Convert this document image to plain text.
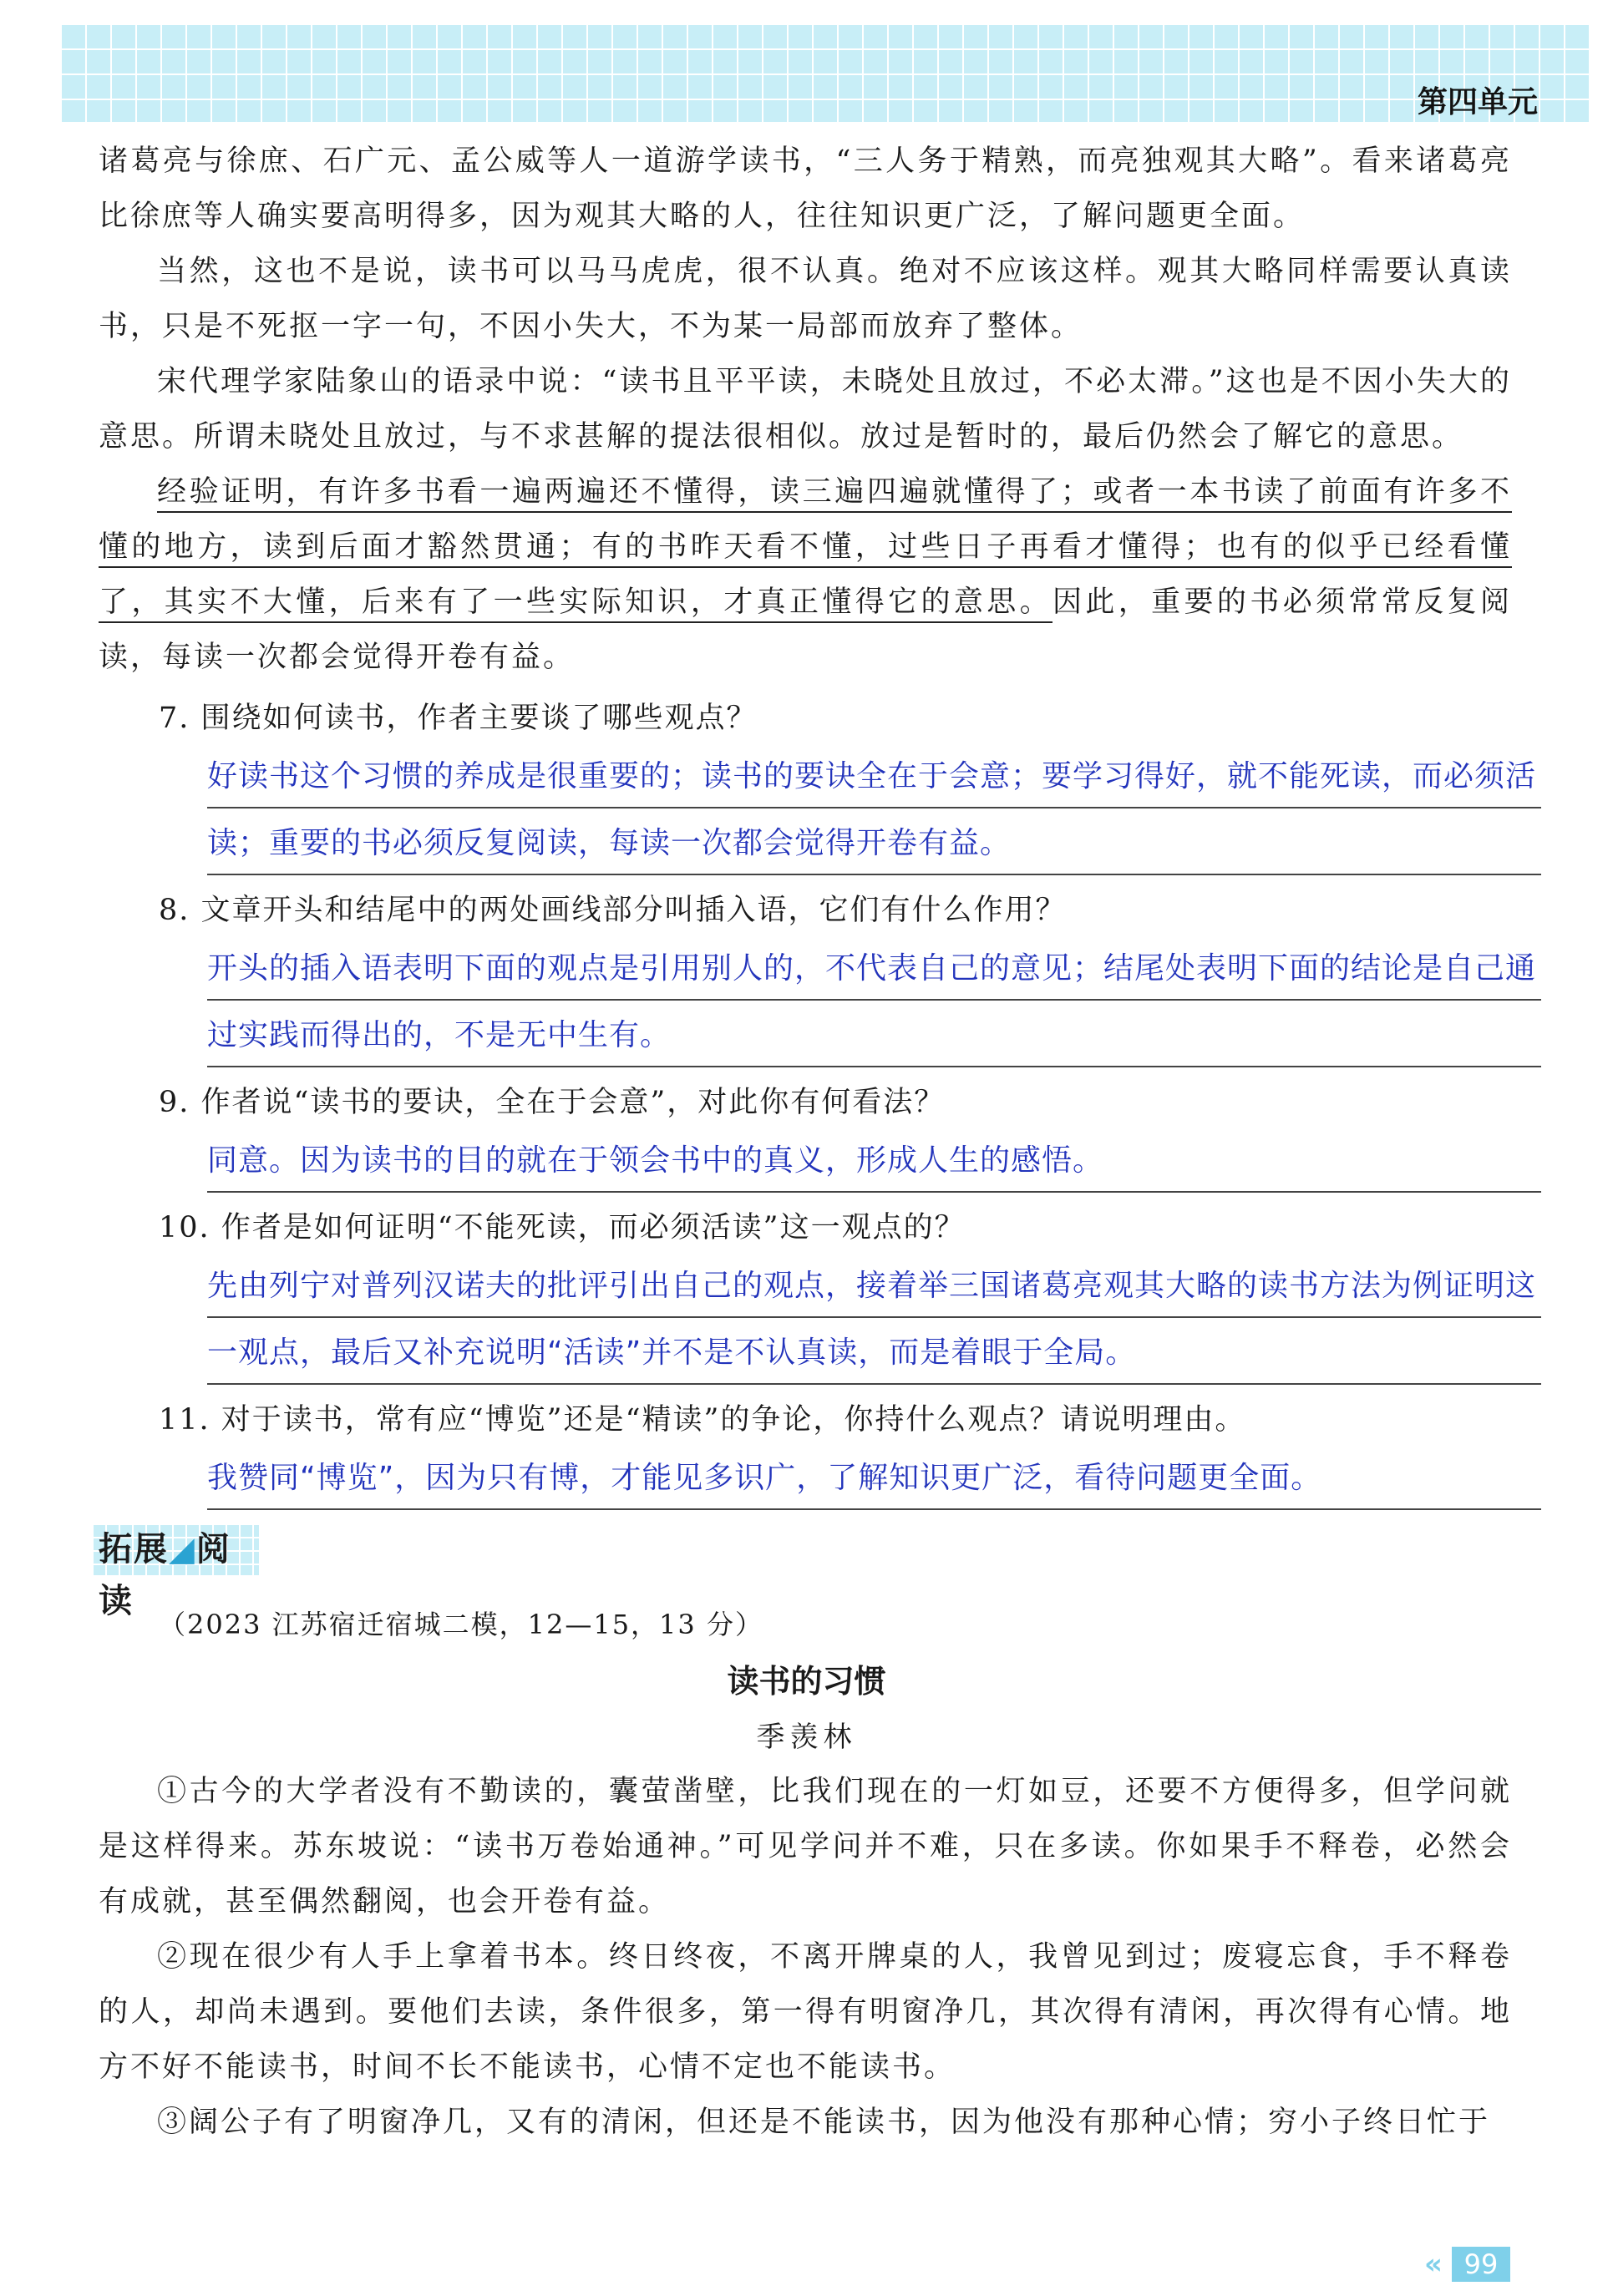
第四单元

诸葛亮与徐庶、石广元、孟公威等人一道游学读书，“三人务于精熟，而亮独观其大略”。看来诸葛亮比徐庶等人确实要高明得多，因为观其大略的人，往往知识更广泛，了解问题更全面。

当然，这也不是说，读书可以马马虎虎，很不认真。绝对不应该这样。观其大略同样需要认真读书，只是不死抠一字一句，不因小失大，不为某一局部而放弃了整体。

宋代理学家陆象山的语录中说：“读书且平平读，未晓处且放过，不必太滞。”这也是不因小失大的意思。所谓未晓处且放过，与不求甚解的提法很相似。放过是暂时的，最后仍然会了解它的意思。

经验证明，有许多书看一遍两遍还不懂得，读三遍四遍就懂得了；或者一本书读了前面有许多不懂的地方，读到后面才豁然贯通；有的书昨天看不懂，过些日子再看才懂得；也有的似乎已经看懂了，其实不大懂，后来有了一些实际知识，才真正懂得它的意思。因此，重要的书必须常常反复阅读，每读一次都会觉得开卷有益。

7. 围绕如何读书，作者主要谈了哪些观点？

好读书这个习惯的养成是很重要的；读书的要诀全在于会意；要学习得好，就不能死读，而必须活读；重要的书必须反复阅读，每读一次都会觉得开卷有益。

8. 文章开头和结尾中的两处画线部分叫插入语，它们有什么作用？

开头的插入语表明下面的观点是引用别人的，不代表自己的意见；结尾处表明下面的结论是自己通过实践而得出的，不是无中生有。

9. 作者说“读书的要诀，全在于会意”，对此你有何看法？

同意。因为读书的目的就在于领会书中的真义，形成人生的感悟。

10. 作者是如何证明“不能死读，而必须活读”这一观点的？

先由列宁对普列汉诺夫的批评引出自己的观点，接着举三国诸葛亮观其大略的读书方法为例证明这一观点，最后又补充说明“活读”并不是不认真读，而是着眼于全局。

11. 对于读书，常有应“博览”还是“精读”的争论，你持什么观点？请说明理由。

我赞同“博览”，因为只有博，才能见多识广，了解知识更广泛，看待问题更全面。
拓展◢阅读
（2023 江苏宿迁宿城二模，12—15，13 分）
读书的习惯
季羡林

①古今的大学者没有不勤读的，囊萤凿壁，比我们现在的一灯如豆，还要不方便得多，但学问就是这样得来。苏东坡说：“读书万卷始通神。”可见学问并不难，只在多读。你如果手不释卷，必然会有成就，甚至偶然翻阅，也会开卷有益。

②现在很少有人手上拿着书本。终日终夜，不离开牌桌的人，我曾见到过；废寝忘食，手不释卷的人，却尚未遇到。要他们去读，条件很多，第一得有明窗净几，其次得有清闲，再次得有心情。地方不好不能读书，时间不长不能读书，心情不定也不能读书。

③阔公子有了明窗净几，又有的清闲，但还是不能读书，因为他没有那种心情；穷小子终日忙于

« 99
